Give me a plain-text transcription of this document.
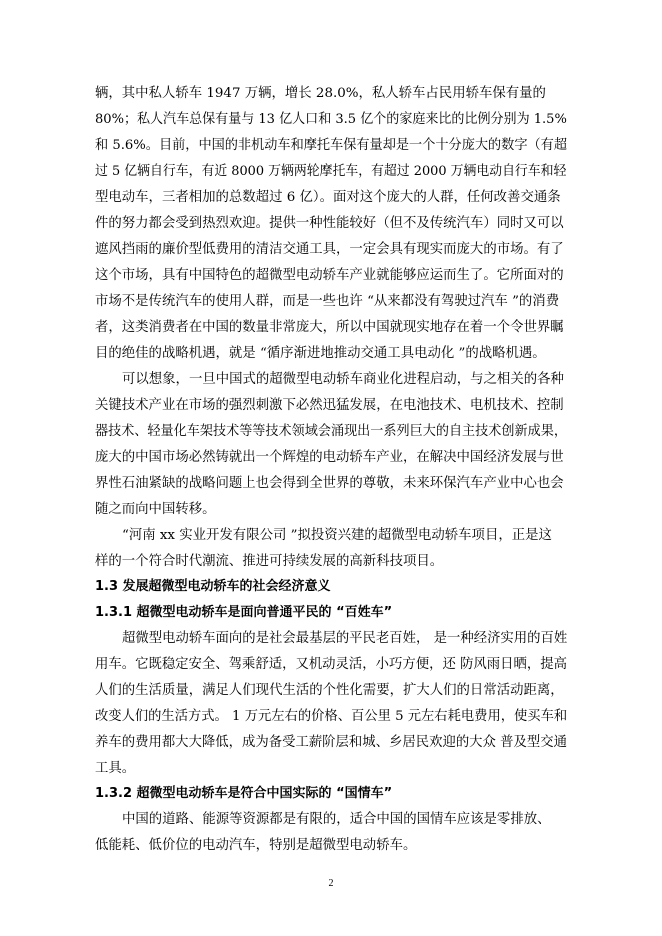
辆，其中私人轿车 1947 万辆，增长 28.0%，私人轿车占民用轿车保有量的
80%；私人汽车总保有量与 13 亿人口和 3.5 亿个的家庭来比的比例分别为 1.5%
和 5.6%。目前，中国的非机动车和摩托车保有量却是一个十分庞大的数字（有超
过 5 亿辆自行车，有近 8000 万辆两轮摩托车，有超过 2000 万辆电动自行车和轻
型电动车，三者相加的总数超过 6 亿）。面对这个庞大的人群，任何改善交通条
件的努力都会受到热烈欢迎。提供一种性能较好（但不及传统汽车）同时又可以
遮风挡雨的廉价型低费用的清洁交通工具，一定会具有现实而庞大的市场。有了
这个市场，具有中国特色的超微型电动轿车产业就能够应运而生了。它所面对的
市场不是传统汽车的使用人群，而是一些也许 “从来都没有驾驶过汽车 ”的消费
者，这类消费者在中国的数量非常庞大，所以中国就现实地存在着一个令世界瞩
目的绝佳的战略机遇，就是 “循序渐进地推动交通工具电动化 ”的战略机遇。
可以想象，一旦中国式的超微型电动轿车商业化进程启动，与之相关的各种
关键技术产业在市场的强烈刺激下必然迅猛发展，在电池技术、电机技术、控制
器技术、轻量化车架技术等等技术领域会涌现出一系列巨大的自主技术创新成果，
庞大的中国市场必然铸就出一个辉煌的电动轿车产业，在解决中国经济发展与世
界性石油紧缺的战略问题上也会得到全世界的尊敬，未来环保汽车产业中心也会
随之而向中国转移。
“河南 xx 实业开发有限公司 ”拟投资兴建的超微型电动轿车项目，正是这
样的一个符合时代潮流、推进可持续发展的高新科技项目。
1.3 发展超微型电动轿车的社会经济意义
1.3.1 超微型电动轿车是面向普通平民的 “百姓车”
超微型电动轿车面向的是社会最基层的平民老百姓， 是一种经济实用的百姓
用车。它既稳定安全、驾乘舒适，又机动灵活，小巧方便，还 防风雨日晒，提高
人们的生活质量，满足人们现代生活的个性化需要，扩大人们的日常活动距离，
改变人们的生活方式。 1 万元左右的价格、百公里 5 元左右耗电费用，使买车和
养车的费用都大大降低，成为备受工薪阶层和城、乡居民欢迎的大众 普及型交通
工具。
1.3.2 超微型电动轿车是符合中国实际的 “国情车”
中国的道路、能源等资源都是有限的，适合中国的国情车应该是零排放、
低能耗、低价位的电动汽车，特别是超微型电动轿车。
2
